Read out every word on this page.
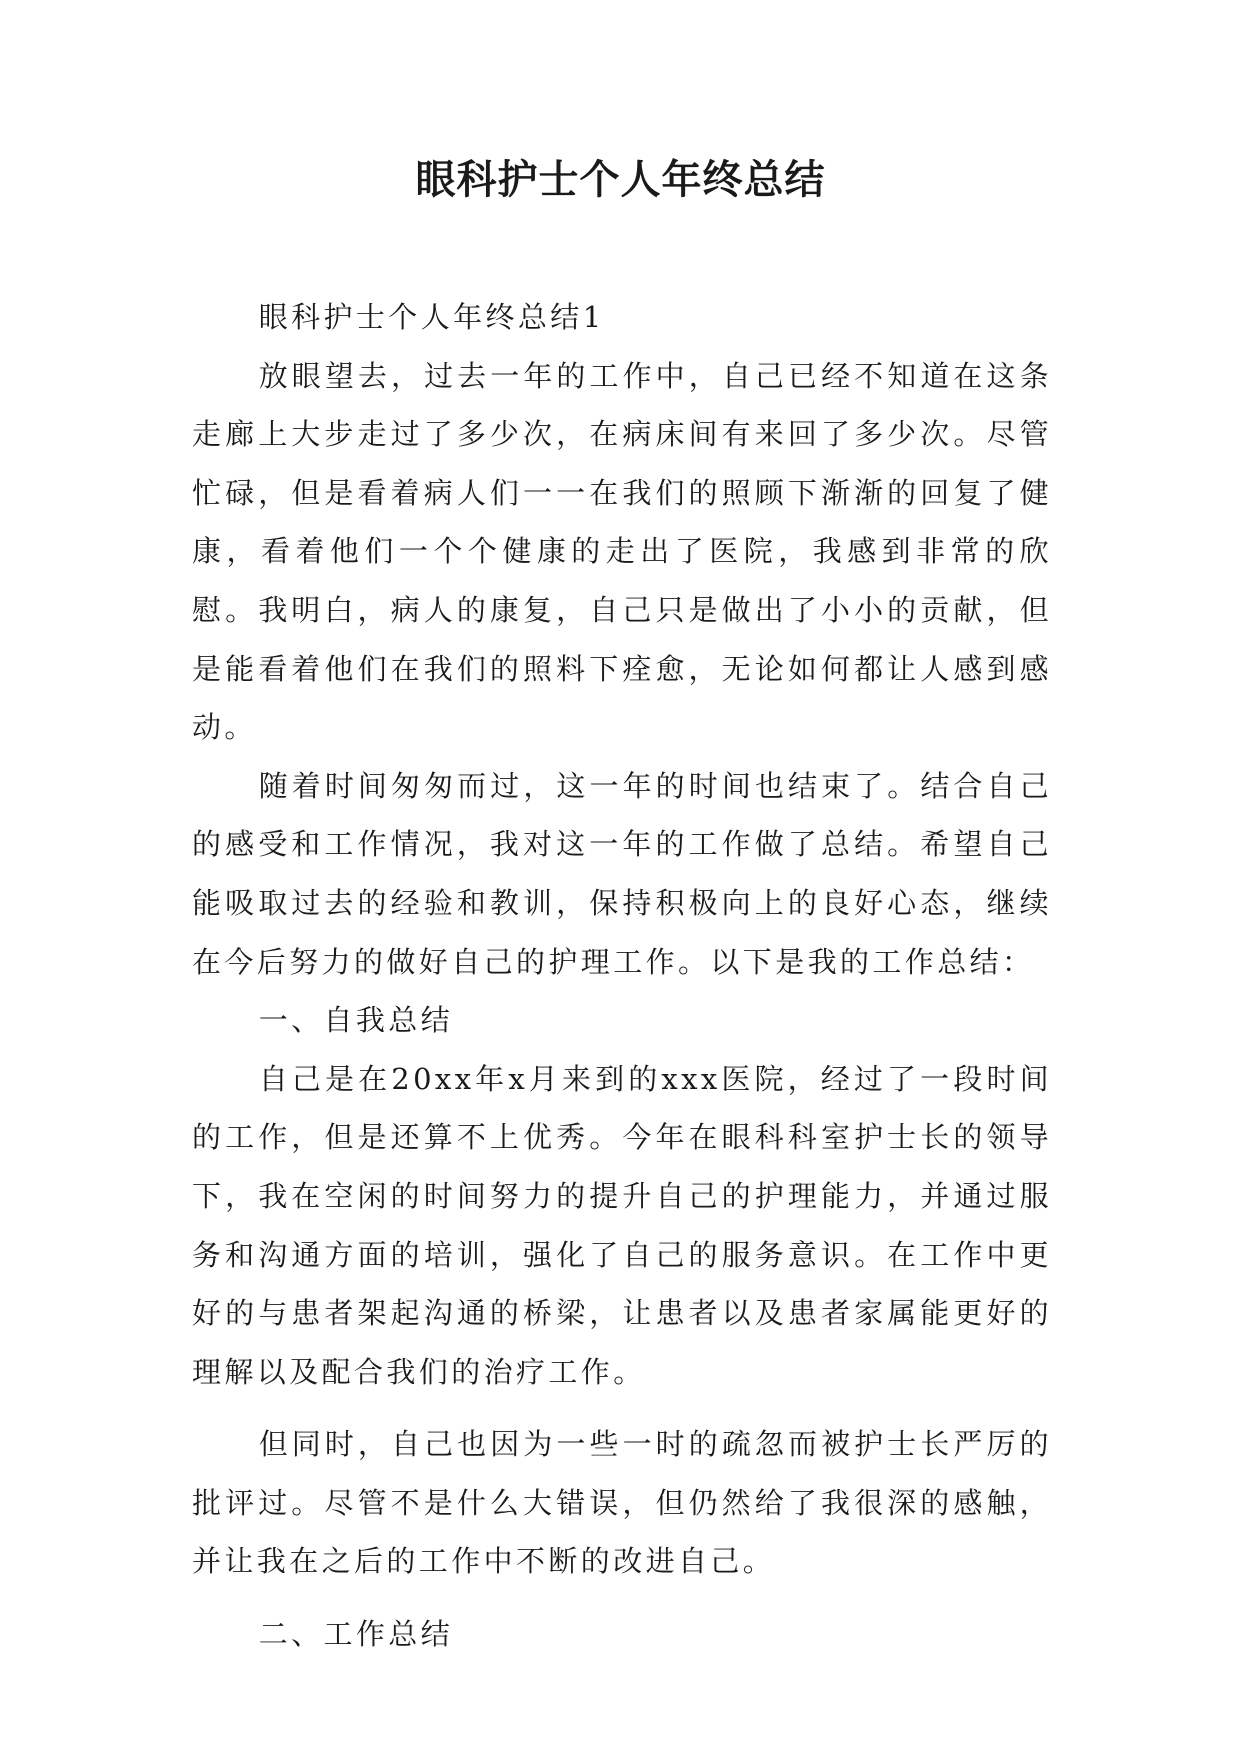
眼科护士个人年终总结

眼科护士个人年终总结1

放眼望去，过去一年的工作中，自己已经不知道在这条走廊上大步走过了多少次，在病床间有来回了多少次。尽管忙碌，但是看着病人们一一在我们的照顾下渐渐的回复了健康，看着他们一个个健康的走出了医院，我感到非常的欣慰。我明白，病人的康复，自己只是做出了小小的贡献，但是能看着他们在我们的照料下痊愈，无论如何都让人感到感动。

随着时间匆匆而过，这一年的时间也结束了。结合自己的感受和工作情况，我对这一年的工作做了总结。希望自己能吸取过去的经验和教训，保持积极向上的良好心态，继续在今后努力的做好自己的护理工作。以下是我的工作总结：

一、自我总结

自己是在20xx年x月来到的xxx医院，经过了一段时间的工作，但是还算不上优秀。今年在眼科科室护士长的领导下，我在空闲的时间努力的提升自己的护理能力，并通过服务和沟通方面的培训，强化了自己的服务意识。在工作中更好的与患者架起沟通的桥梁，让患者以及患者家属能更好的理解以及配合我们的治疗工作。

但同时，自己也因为一些一时的疏忽而被护士长严厉的批评过。尽管不是什么大错误，但仍然给了我很深的感触，并让我在之后的工作中不断的改进自己。

二、工作总结
